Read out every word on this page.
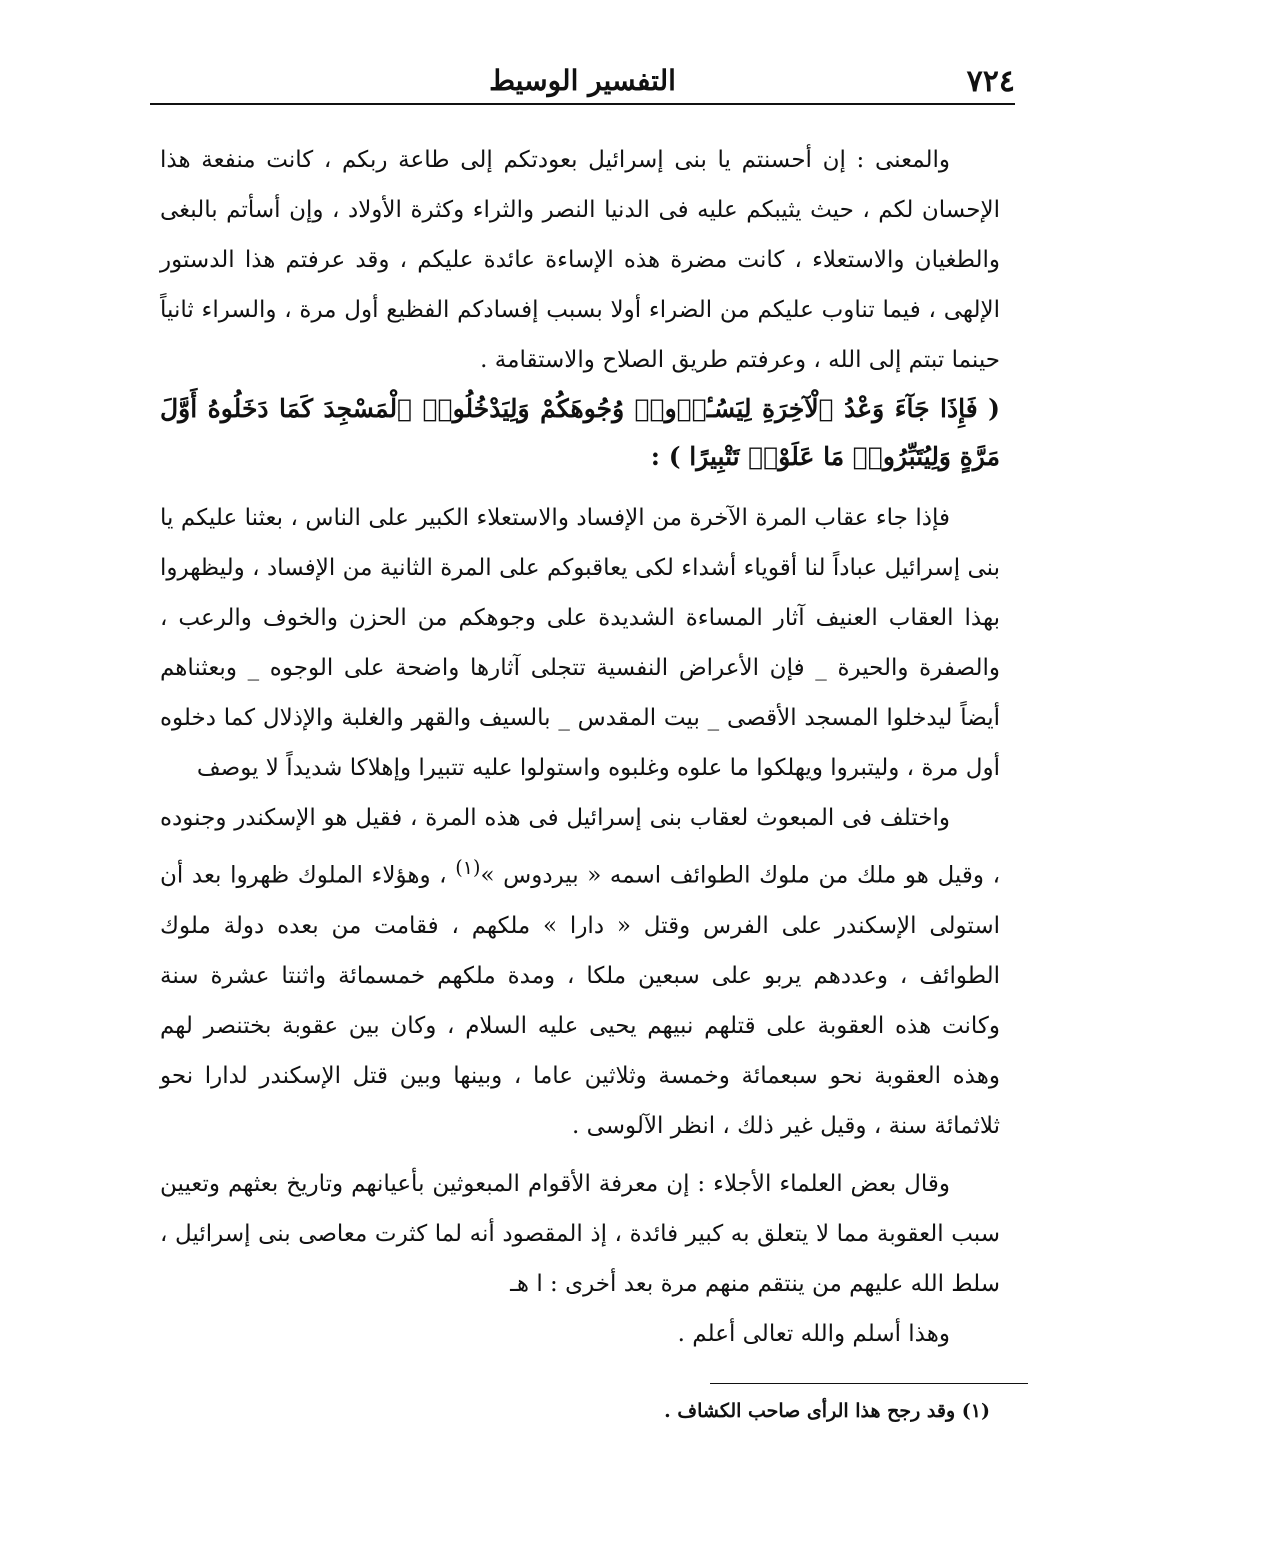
٧٢٤
التفسير الوسيط

والمعنى : إن أحسنتم يا بنى إسرائيل بعودتكم إلى طاعة ربكم ، كانت منفعة هذا الإحسان لكم ، حيث يثيبكم عليه فى الدنيا النصر والثراء وكثرة الأولاد ، وإن أسأتم بالبغى والطغيان والاستعلاء ، كانت مضرة هذه الإساءة عائدة عليكم ، وقد عرفتم هذا الدستور الإلهى ، فيما تناوب عليكم من الضراء أولا بسبب إفسادكم الفظيع أول مرة ، والسراء ثانياً حينما تبتم إلى الله ، وعرفتم طريق الصلاح والاستقامة .

( فَإِذَا جَآءَ وَعْدُ ٱلْآخِرَةِ لِيَسُـٔۥُوا۟ وُجُوهَكُمْ وَلِيَدْخُلُوا۟ ٱلْمَسْجِدَ كَمَا دَخَلُوهُ أَوَّلَ مَرَّةٍ وَلِيُتَبِّرُوا۟ مَا عَلَوْا۟ تَتْبِيرًا ) :

فإذا جاء عقاب المرة الآخرة من الإفساد والاستعلاء الكبير على الناس ، بعثنا عليكم يا بنى إسرائيل عباداً لنا أقوياء أشداء لكى يعاقبوكم على المرة الثانية من الإفساد ، وليظهروا بهذا العقاب العنيف آثار المساءة الشديدة على وجوهكم من الحزن والخوف والرعب ، والصفرة والحيرة _ فإن الأعراض النفسية تتجلى آثارها واضحة على الوجوه _ وبعثناهم أيضاً ليدخلوا المسجد الأقصى _ بيت المقدس _ بالسيف والقهر والغلبة والإذلال كما دخلوه أول مرة ، وليتبروا ويهلكوا ما علوه وغلبوه واستولوا عليه تتبيرا وإهلاكا شديداً لا يوصف

واختلف فى المبعوث لعقاب بنى إسرائيل فى هذه المرة ، فقيل هو الإسكندر وجنوده ، وقيل هو ملك من ملوك الطوائف اسمه « بيردوس »$^{(١)}$ ، وهؤلاء الملوك ظهروا بعد أن استولى الإسكندر على الفرس وقتل « دارا » ملكهم ، فقامت من بعده دولة ملوك الطوائف ، وعددهم يربو على سبعين ملكا ، ومدة ملكهم خمسمائة واثنتا عشرة سنة وكانت هذه العقوبة على قتلهم نبيهم يحيى عليه السلام ، وكان بين عقوبة بختنصر لهم وهذه العقوبة نحو سبعمائة وخمسة وثلاثين عاما ، وبينها وبين قتل الإسكندر لدارا نحو ثلاثمائة سنة ، وقيل غير ذلك ، انظر الآلوسى .

وقال بعض العلماء الأجلاء : إن معرفة الأقوام المبعوثين بأعيانهم وتاريخ بعثهم وتعيين سبب العقوبة مما لا يتعلق به كبير فائدة ، إذ المقصود أنه لما كثرت معاصى بنى إسرائيل ، سلط الله عليهم من ينتقم منهم مرة بعد أخرى : ا هـ

وهذا أسلم والله تعالى أعلم .

(١) وقد رجح هذا الرأى صاحب الكشاف .
